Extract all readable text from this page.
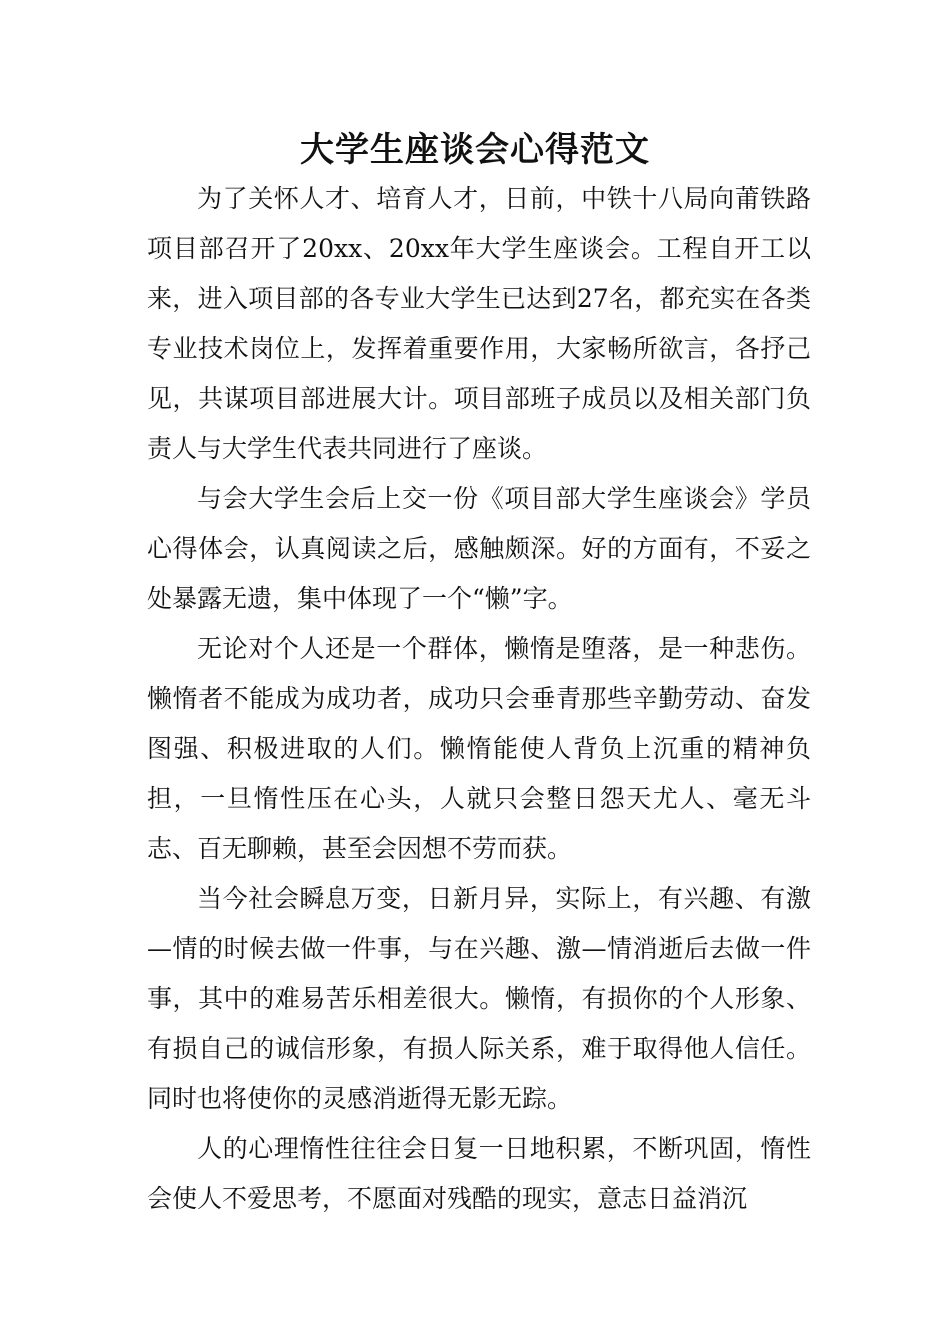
大学生座谈会心得范文

为了关怀人才、培育人才，日前，中铁十八局向莆铁路项目部召开了20xx、20xx年大学生座谈会。工程自开工以来，进入项目部的各专业大学生已达到27名，都充实在各类专业技术岗位上，发挥着重要作用，大家畅所欲言，各抒己见，共谋项目部进展大计。项目部班子成员以及相关部门负责人与大学生代表共同进行了座谈。

与会大学生会后上交一份《项目部大学生座谈会》学员心得体会，认真阅读之后，感触颇深。好的方面有，不妥之处暴露无遗，集中体现了一个“懒”字。

无论对个人还是一个群体，懒惰是堕落，是一种悲伤。懒惰者不能成为成功者，成功只会垂青那些辛勤劳动、奋发图强、积极进取的人们。懒惰能使人背负上沉重的精神负担，一旦惰性压在心头，人就只会整日怨天尤人、毫无斗志、百无聊赖，甚至会因想不劳而获。

当今社会瞬息万变，日新月异，实际上，有兴趣、有激—情的时候去做一件事，与在兴趣、激—情消逝后去做一件事，其中的难易苦乐相差很大。懒惰，有损你的个人形象、有损自己的诚信形象，有损人际关系，难于取得他人信任。同时也将使你的灵感消逝得无影无踪。

人的心理惰性往往会日复一日地积累，不断巩固，惰性会使人不爱思考，不愿面对残酷的现实，意志日益消沉
